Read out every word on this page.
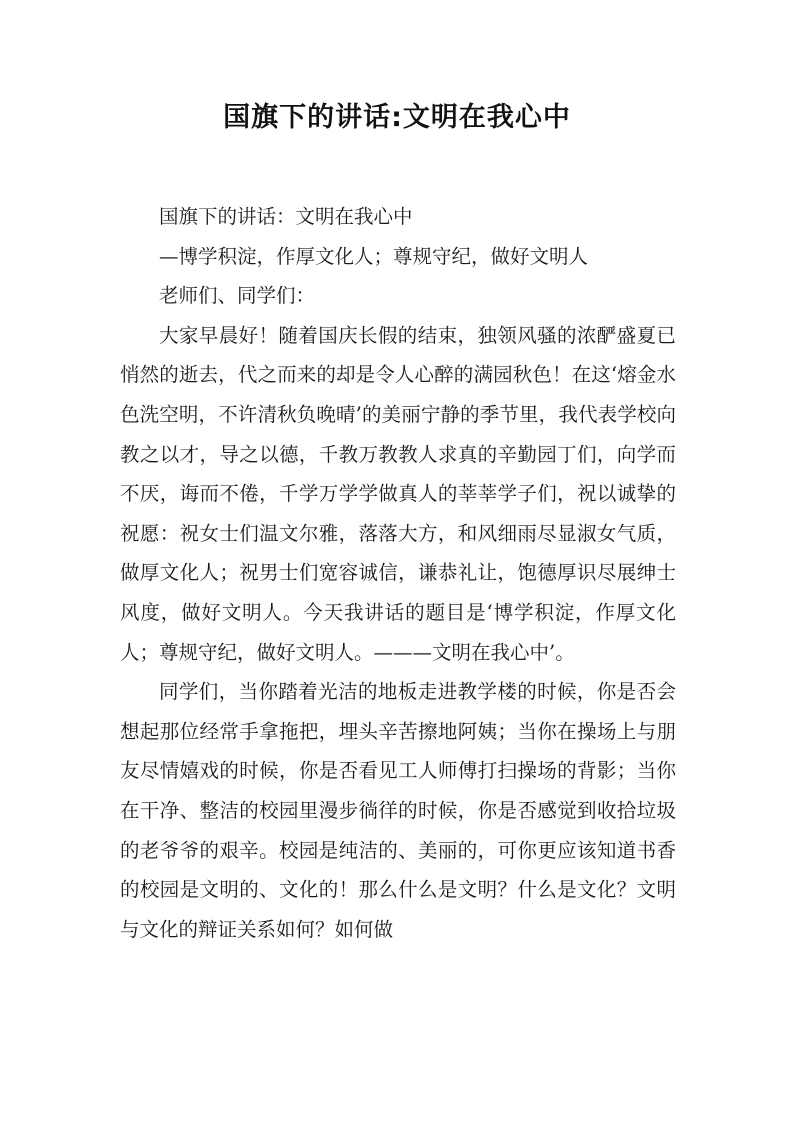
国旗下的讲话:文明在我心中

国旗下的讲话：文明在我心中

—博学积淀，作厚文化人；尊规守纪，做好文明人

老师们、同学们：

大家早晨好！随着国庆长假的结束，独领风骚的浓酽盛夏已悄然的逝去，代之而来的却是令人心醉的满园秋色！在这‘熔金水色洗空明，不许清秋负晚晴’的美丽宁静的季节里，我代表学校向教之以才，导之以德，千教万教教人求真的辛勤园丁们，向学而不厌，诲而不倦，千学万学学做真人的莘莘学子们，祝以诚挚的祝愿：祝女士们温文尔雅，落落大方，和风细雨尽显淑女气质，做厚文化人；祝男士们宽容诚信，谦恭礼让，饱德厚识尽展绅士风度，做好文明人。今天我讲话的题目是‘博学积淀，作厚文化人；尊规守纪，做好文明人。———文明在我心中’。

同学们，当你踏着光洁的地板走进教学楼的时候，你是否会想起那位经常手拿拖把，埋头辛苦擦地阿姨；当你在操场上与朋友尽情嬉戏的时候，你是否看见工人师傅打扫操场的背影；当你在干净、整洁的校园里漫步徜徉的时候，你是否感觉到收拾垃圾的老爷爷的艰辛。校园是纯洁的、美丽的，可你更应该知道书香的校园是文明的、文化的！那么什么是文明？什么是文化？文明与文化的辩证关系如何？如何做
